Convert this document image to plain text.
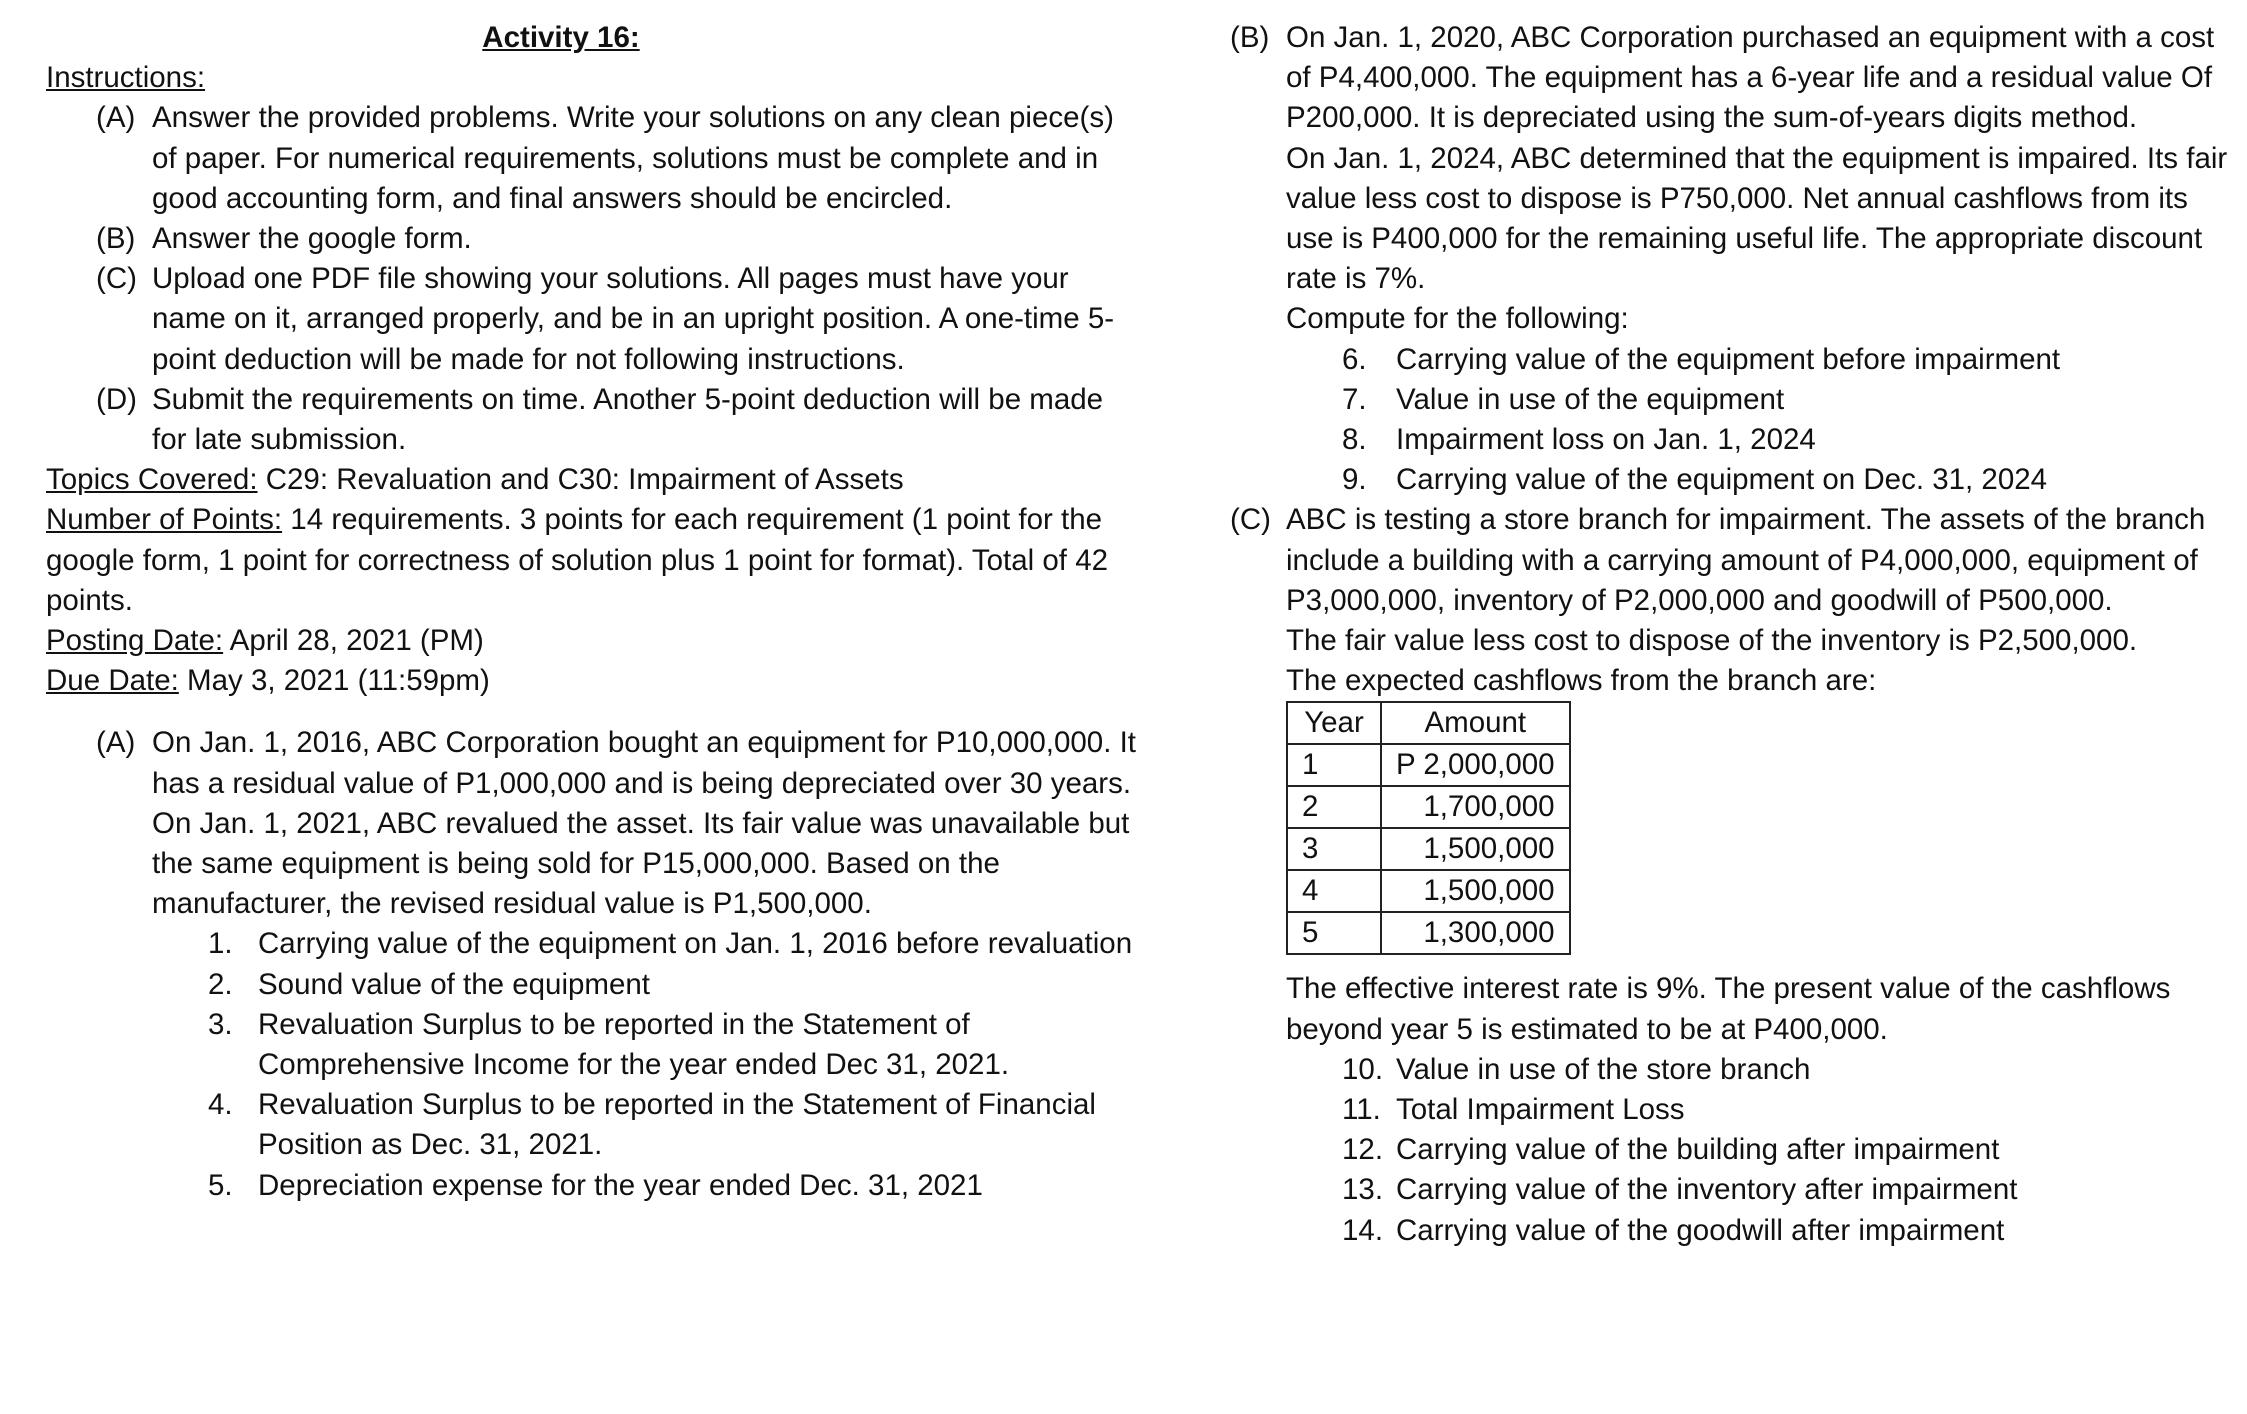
Activity 16:
Instructions:
(A) Answer the provided problems. Write your solutions on any clean piece(s) of paper. For numerical requirements, solutions must be complete and in good accounting form, and final answers should be encircled.
(B) Answer the google form.
(C) Upload one PDF file showing your solutions. All pages must have your name on it, arranged properly, and be in an upright position. A one-time 5-point deduction will be made for not following instructions.
(D) Submit the requirements on time. Another 5-point deduction will be made for late submission.
Topics Covered: C29: Revaluation and C30: Impairment of Assets
Number of Points: 14 requirements. 3 points for each requirement (1 point for the google form, 1 point for correctness of solution plus 1 point for format). Total of 42 points.
Posting Date: April 28, 2021 (PM)
Due Date: May 3, 2021 (11:59pm)
(A) On Jan. 1, 2016, ABC Corporation bought an equipment for P10,000,000. It has a residual value of P1,000,000 and is being depreciated over 30 years.
On Jan. 1, 2021, ABC revalued the asset. Its fair value was unavailable but the same equipment is being sold for P15,000,000. Based on the manufacturer, the revised residual value is P1,500,000.
1. Carrying value of the equipment on Jan. 1, 2016 before revaluation
2. Sound value of the equipment
3. Revaluation Surplus to be reported in the Statement of Comprehensive Income for the year ended Dec 31, 2021.
4. Revaluation Surplus to be reported in the Statement of Financial Position as Dec. 31, 2021.
5. Depreciation expense for the year ended Dec. 31, 2021
(B) On Jan. 1, 2020, ABC Corporation purchased an equipment with a cost of P4,400,000. The equipment has a 6-year life and a residual value Of P200,000. It is depreciated using the sum-of-years digits method.
On Jan. 1, 2024, ABC determined that the equipment is impaired. Its fair value less cost to dispose is P750,000. Net annual cashflows from its use is P400,000 for the remaining useful life. The appropriate discount rate is 7%.
Compute for the following:
6. Carrying value of the equipment before impairment
7. Value in use of the equipment
8. Impairment loss on Jan. 1, 2024
9. Carrying value of the equipment on Dec. 31, 2024
(C) ABC is testing a store branch for impairment. The assets of the branch include a building with a carrying amount of P4,000,000, equipment of P3,000,000, inventory of P2,000,000 and goodwill of P500,000.
The fair value less cost to dispose of the inventory is P2,500,000.
The expected cashflows from the branch are:
Year	Amount
1	P 2,000,000
2	1,700,000
3	1,500,000
4	1,500,000
5	1,300,000
The effective interest rate is 9%. The present value of the cashflows beyond year 5 is estimated to be at P400,000.
10. Value in use of the store branch
11. Total Impairment Loss
12. Carrying value of the building after impairment
13. Carrying value of the inventory after impairment
14. Carrying value of the goodwill after impairment
